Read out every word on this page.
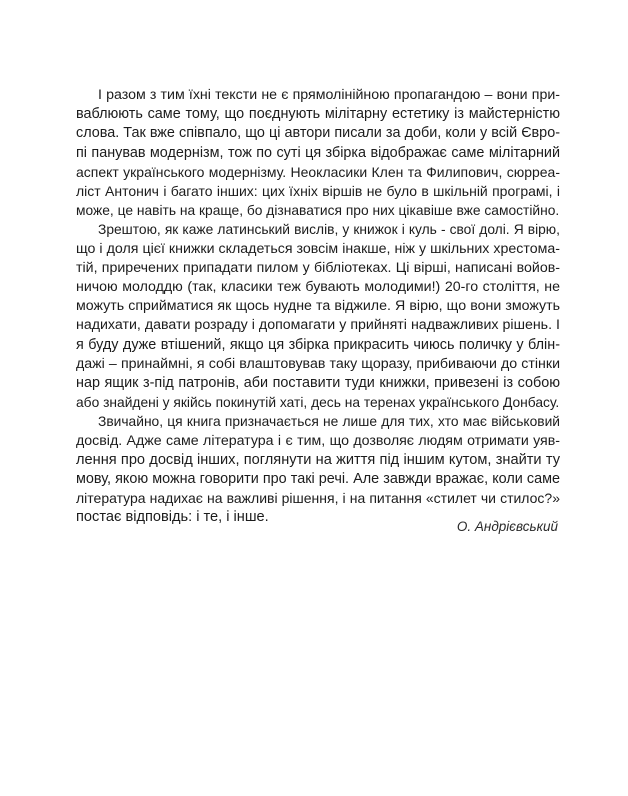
І разом з тим їхні тексти не є прямолінійною пропагандою – вони при-
ваблюють саме тому, що поєднують мілітарну естетику із майстерністю
слова. Так вже співпало, що ці автори писали за доби, коли у всій Євро-
пі панував модернізм, тож по суті ця збірка відображає саме мілітарний
аспект українського модернізму. Неокласики Клен та Филипович, сюрреа-
ліст Антонич і багато інших: цих їхніх віршів не було в шкільній програмі, і
може, це навіть на краще, бо дізнаватися про них цікавіше вже самостійно.

Зрештою, як каже латинський вислів, у книжок і куль - свої долі. Я вірю,
що і доля цієї книжки складеться зовсім інакше, ніж у шкільних хрестома-
тій, приречених припадати пилом у бібліотеках. Ці вірші, написані войов-
ничою молоддю (так, класики теж бувають молодими!) 20-го століття, не
можуть сприйматися як щось нудне та віджиле. Я вірю, що вони зможуть
надихати, давати розраду і допомагати у прийняті надважливих рішень. І
я буду дуже втішений, якщо ця збірка прикрасить чиюсь поличку у блін-
дажі – принаймні, я собі влаштовував таку щоразу, прибиваючи до стінки
нар ящик з-під патронів, аби поставити туди книжки, привезені із собою
або знайдені у якійсь покинутій хаті, десь на теренах українського Донбасу.

Звичайно, ця книга призначається не лише для тих, хто має військовий
досвід. Адже саме література і є тим, що дозволяє людям отримати уяв-
лення про досвід інших, поглянути на життя під іншим кутом, знайти ту
мову, якою можна говорити про такі речі. Але завжди вражає, коли саме
література надихає на важливі рішення, і на питання «стилет чи стилос?»
постає відповідь: і те, і інше.

О. Андрієвський
